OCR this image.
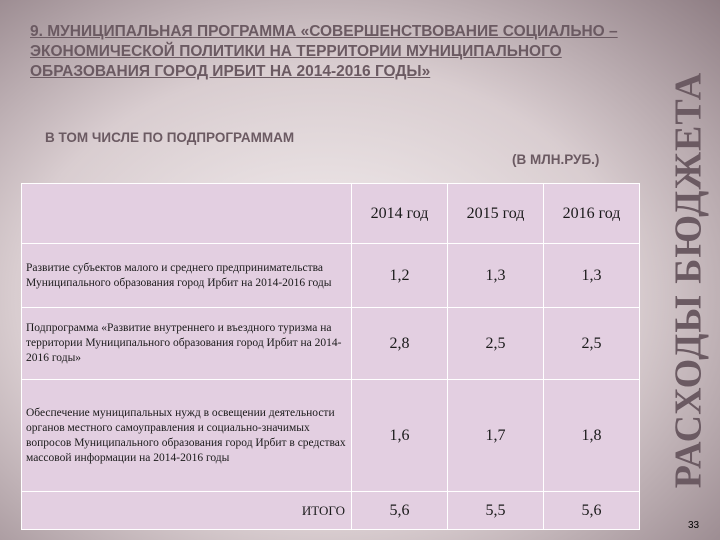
9. МУНИЦИПАЛЬНАЯ ПРОГРАММА «СОВЕРШЕНСТВОВАНИЕ СОЦИАЛЬНО – ЭКОНОМИЧЕСКОЙ ПОЛИТИКИ НА ТЕРРИТОРИИ МУНИЦИПАЛЬНОГО ОБРАЗОВАНИЯ ГОРОД ИРБИТ НА 2014-2016 ГОДЫ»
В ТОМ ЧИСЛЕ ПО ПОДПРОГРАММАМ
(В МЛН.РУБ.) РАСХОДЫ БЮДЖЕТА
	2014 год	2015 год	2016 год
Развитие субъектов малого и среднего предпринимательства Муниципального образования город Ирбит на 2014-2016 годы	1,2	1,3	1,3
Подпрограмма «Развитие внутреннего и въездного туризма на территории Муниципального образования город Ирбит на 2014-2016 годы»	2,8	2,5	2,5
Обеспечение муниципальных нужд в освещении деятельности органов местного самоуправления и социально-значимых вопросов Муниципального образования город Ирбит в средствах массовой информации на 2014-2016 годы	1,6	1,7	1,8
ИТОГО	5,6	5,5	5,6
33
